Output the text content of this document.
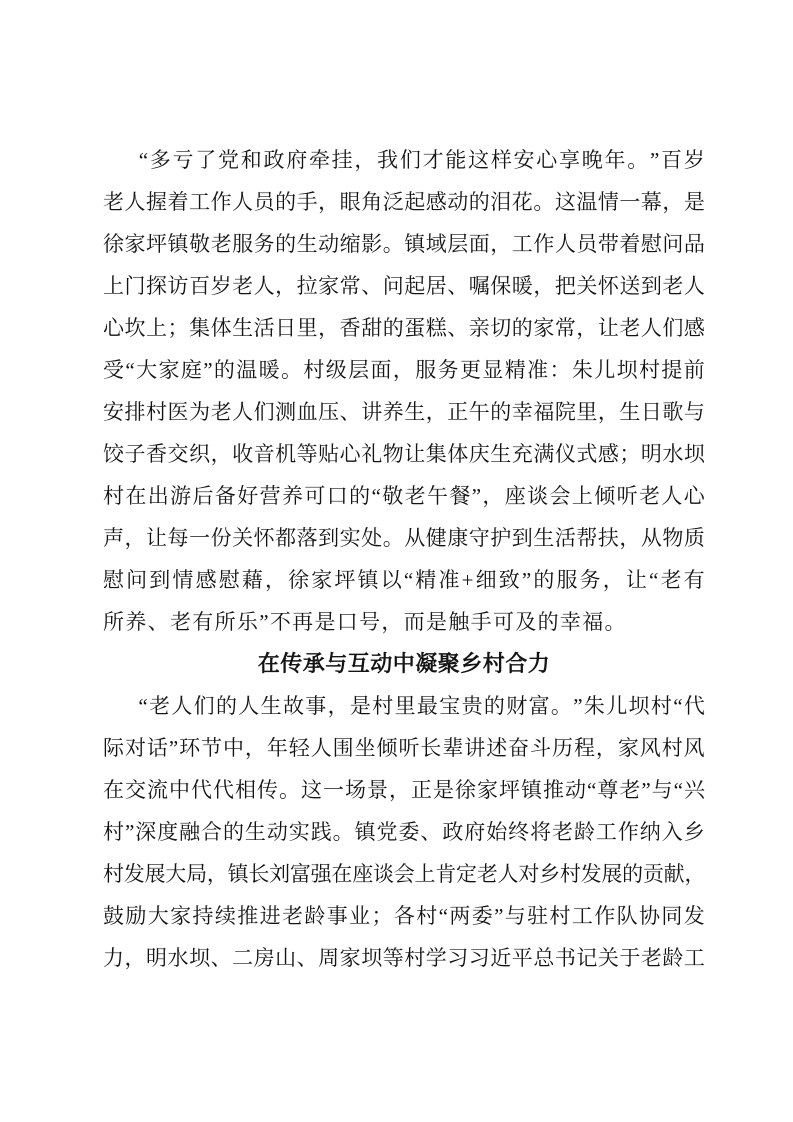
“ 多 亏 了 党 和 政 府 牵 挂 ， 我 们 才 能 这 样 安 心 享 晚 年 。 ” 百 岁
老 人 握 着 工 作 人 员 的 手 ， 眼 角 泛 起 感 动 的 泪 花 。 这 温 情 一 幕 ， 是
徐 家 坪 镇 敬 老 服 务 的 生 动 缩 影 。 镇 域 层 面 ， 工 作 人 员 带 着 慰 问 品
上 门 探 访 百 岁 老 人 ， 拉 家 常 、 问 起 居 、 嘱 保 暖 ， 把 关 怀 送 到 老 人
心 坎 上 ； 集 体 生 活 日 里 ， 香 甜 的 蛋 糕 、 亲 切 的 家 常 ， 让 老 人 们 感
受 “ 大 家 庭 ” 的 温 暖 。 村 级 层 面 ， 服 务 更 显 精 准 ： 朱 儿 坝 村 提 前
安 排 村 医 为 老 人 们 测 血 压 、 讲 养 生 ， 正 午 的 幸 福 院 里 ， 生 日 歌 与
饺 子 香 交 织 ， 收 音 机 等 贴 心 礼 物 让 集 体 庆 生 充 满 仪 式 感 ； 明 水 坝
村 在 出 游 后 备 好 营 养 可 口 的 “ 敬 老 午 餐 ” ， 座 谈 会 上 倾 听 老 人 心
声 ， 让 每 一 份 关 怀 都 落 到 实 处 。 从 健 康 守 护 到 生 活 帮 扶 ， 从 物 质
慰 问 到 情 感 慰 藉 ， 徐 家 坪 镇 以 “ 精 准 + 细 致 ” 的 服 务 ， 让 “ 老 有
所 养 、 老 有 所 乐 ” 不 再 是 口 号 ， 而 是 触 手 可 及 的 幸 福 。
在传承与互动中凝聚乡村合力
“ 老 人 们 的 人 生 故 事 ， 是 村 里 最 宝 贵 的 财 富 。 ” 朱 儿 坝 村 “ 代
际 对 话 ” 环 节 中 ， 年 轻 人 围 坐 倾 听 长 辈 讲 述 奋 斗 历 程 ， 家 风 村 风
在 交 流 中 代 代 相 传 。 这 一 场 景 ， 正 是 徐 家 坪 镇 推 动 “ 尊 老 ” 与 “ 兴
村 ” 深 度 融 合 的 生 动 实 践 。 镇 党 委 、 政 府 始 终 将 老 龄 工 作 纳 入 乡
村 发 展 大 局 ， 镇 长 刘 富 强 在 座 谈 会 上 肯 定 老 人 对 乡 村 发 展 的 贡 献 ，
鼓 励 大 家 持 续 推 进 老 龄 事 业 ； 各 村 “ 两 委 ” 与 驻 村 工 作 队 协 同 发
力 ， 明 水 坝 、 二 房 山 、 周 家 坝 等 村 学 习 习 近 平 总 书 记 关 于 老 龄 工
